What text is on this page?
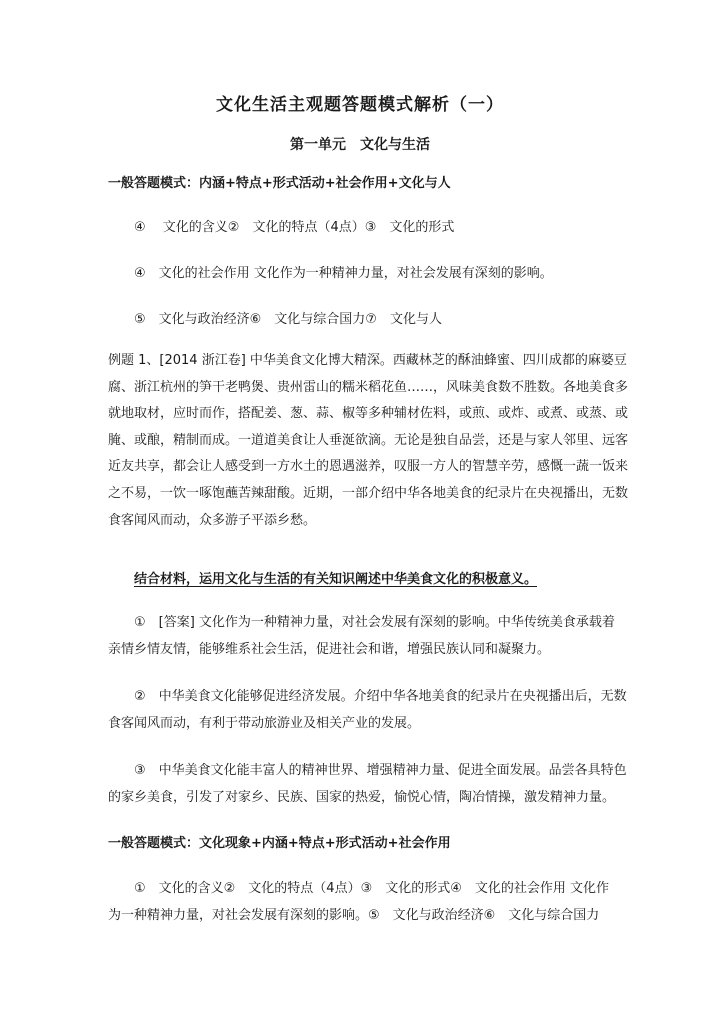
文化生活主观题答题模式解析（一）
第一单元　文化与生活
一般答题模式：内涵+特点+形式活动+社会作用+文化与人
④　 文化的含义②　文化的特点（4点）③　文化的形式
④　文化的社会作用 文化作为一种精神力量，对社会发展有深刻的影响。
⑤　文化与政治经济⑥　文化与综合国力⑦　文化与人
例题 1、[2014 浙江卷] 中华美食文化博大精深。西藏林芝的酥油蜂蜜、四川成都的麻婆豆
腐、浙江杭州的笋干老鸭煲、贵州雷山的糯米稻花鱼……，风味美食数不胜数。各地美食多
就地取材，应时而作，搭配姜、葱、蒜、椒等多种辅材佐料，或煎、或炸、或煮、或蒸、或
腌、或酿，精制而成。一道道美食让人垂涎欲滴。无论是独自品尝，还是与家人邻里、远客
近友共享，都会让人感受到一方水土的恩遇滋养，叹服一方人的智慧辛劳，感慨一蔬一饭来
之不易，一饮一啄饱蘸苦辣甜酸。近期，一部介绍中华各地美食的纪录片在央视播出，无数
食客闻风而动，众多游子平添乡愁。
结合材料，运用文化与生活的有关知识阐述中华美食文化的积极意义。
①　[答案] 文化作为一种精神力量，对社会发展有深刻的影响。中华传统美食承载着
亲情乡情友情，能够维系社会生活，促进社会和谐，增强民族认同和凝聚力。
②　中华美食文化能够促进经济发展。介绍中华各地美食的纪录片在央视播出后，无数
食客闻风而动，有利于带动旅游业及相关产业的发展。
③　中华美食文化能丰富人的精神世界、增强精神力量、促进全面发展。品尝各具特色
的家乡美食，引发了对家乡、民族、国家的热爱，愉悦心情，陶冶情操，激发精神力量。
一般答题模式：文化现象+内涵+特点+形式活动+社会作用
①　文化的含义②　文化的特点（4点）③　文化的形式④　文化的社会作用 文化作
为一种精神力量，对社会发展有深刻的影响。⑤　文化与政治经济⑥　文化与综合国力
